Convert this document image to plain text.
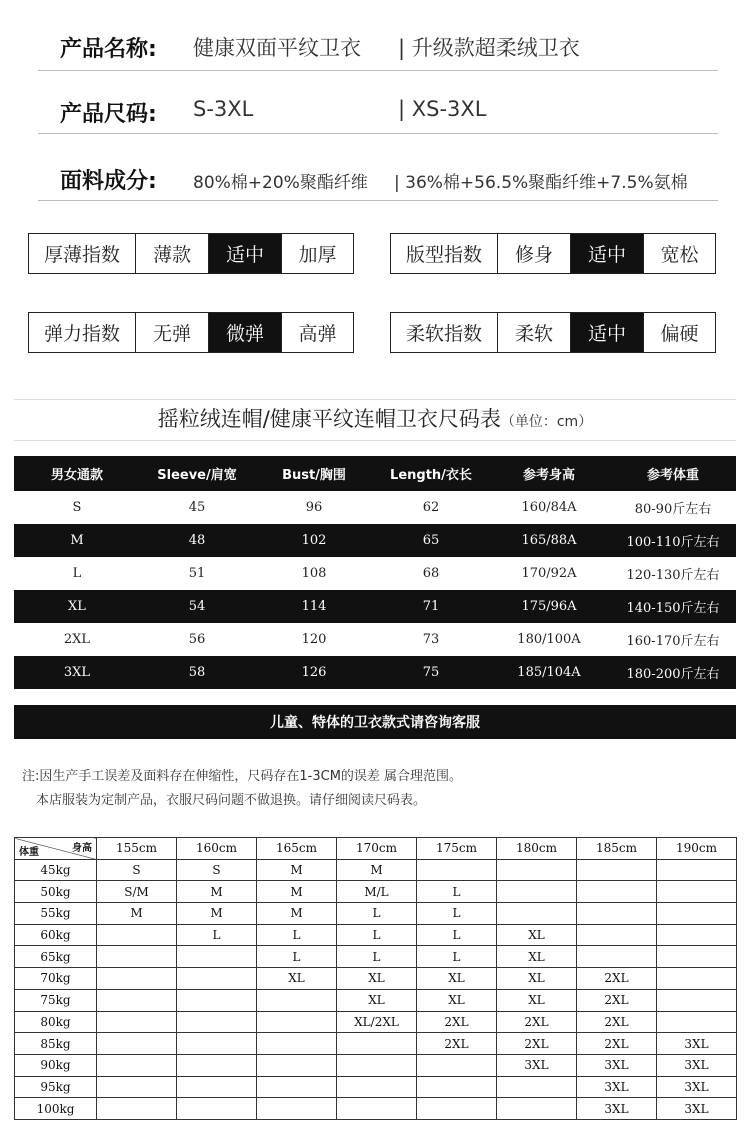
产品名称: 健康双面平纹卫衣 | 升级款超柔绒卫衣
产品尺码: S-3XL	| XS-3XL
面料成分: 80%棉+20%聚酯纤维 | 36%棉+56.5%聚酯纤维+7.5%氨棉
厚薄指数	薄款	适中	加厚	版型指数	修身	适中	宽松
弹力指数	无弹	微弹	高弹	柔软指数	柔软	适中	偏硬
摇粒绒连帽/健康平纹连帽卫衣尺码表（单位：cm）
男女通款	Sleeve/肩宽	Bust/胸围	Length/衣长	参考身高	参考体重
S	45	96	62	160/84A	80-90斤左右
M	48	102	65	165/88A	100-110斤左右
L	51	108	68	170/92A	120-130斤左右
XL	54	114	71	175/96A	140-150斤左右
2XL	56	120	73	180/100A	160-170斤左右
3XL	58	126	75	185/104A	180-200斤左右
儿童、特体的卫衣款式请咨询客服
注:因生产手工误差及面料存在伸缩性，尺码存在1-3CM的误差 属合理范围。
本店服装为定制产品，衣服尺码问题不做退换。请仔细阅读尺码表。
身高
体重	155cm	160cm	165cm	170cm	175cm	180cm	185cm	190cm
45kg	S	S	M	M				
50kg	S/M	M	M	M/L	L			
55kg	M	M	M	L	L			
60kg		L	L	L	L	XL		
65kg			L	L	L	XL		
70kg			XL	XL	XL	XL	2XL	
75kg				XL	XL	XL	2XL	
80kg				XL/2XL	2XL	2XL	2XL	
85kg					2XL	2XL	2XL	3XL
90kg						3XL	3XL	3XL
95kg							3XL	3XL
100kg							3XL	3XL
